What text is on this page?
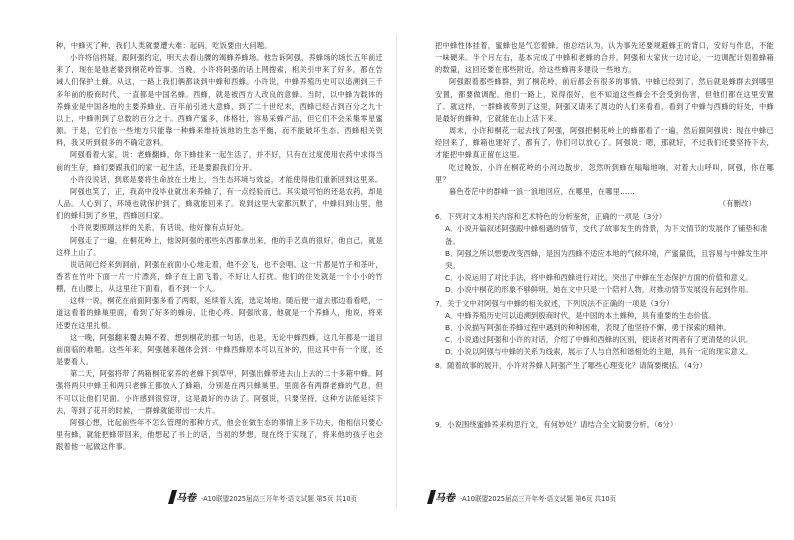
种，中蜂灭了种，我们人类就要遭大难：起码，吃饭要由大问题。

小许将信将疑，跟阿强约定，明天去看山腰的竭蜂养蜂场。他告诉阿强，养蜂场的场长五年前迁来了，现在是他老婆到桐花岭管事。当晚，小许将阿强的话上网搜索，相关引申来了好多，都在告诫人们保护土蜂。从这，一路上我们俩都谈到中蜂和西蜂。小许说，中蜂养殖历史可以追溯到三千多年前的殷商时代，一直都是中国名蜂。西蜂，就是被西方人改良的意蜂。当时，以中蜂为载体的养蜂业是中国各地的主要养蜂业。百年前引进大意蜂，到了二十世纪末，西蜂已经占到百分之九十以上，中蜂则到了总数的百分之十。西蜂产蜜多，体格壮，容易采蜂产品，但它们不会采集零星蜜源。于是，它们在一些地方只能靠一种蜂来维持该地的生态平衡，而不能破坏生态。西蜂相关资料，我又听到很多的不确定意料。

阿强看着大家，说：老蜂翻蜂，你下蜂挂来一起生活了，并不好，只有在过度使用农药中求得当前的生存，蜂们要跟我们的家一起生活，还是要跟我们分开。

小许没说话，到底是要将生命放在土地上，当生态环境与效益，才能使得他们重新回到这里来。

阿强也笑了，正，我高中没毕业就出来养蜂了，有一点经验而已。其实最可怕的还是农药，却是人品。人心到了，环境也就保护到了，蜂就能回来了。说到这里大家都沉默了，中蜂归到山里，他们的蜂归到了乡里，西蜂回归家。

小许说要照顾这样的关系，有话说，他好像有点好处。

阿强走了一遍，在桐花岭上，他说阿强的那些东西都拿出来，他的手艺真的很好，他自己，就是这样上山了。

说话间已经来到洞前，阿强在前面小心地走着，他不会飞，也不会唱。这一片都是竹子和茶叶，香茗在竹叶下面一片一片漂亮，蜂子在上面飞着，不好让人打扰。他们的住处就是一个小小的竹棚，在山腰上，从这里往下面看，看不到一个人。

这样一说，桐花在前面阿强多看了两眼，延续着人流，选定场地。随后便一道去那边看看吧，一道这看着的蜂巢里面，看到了好多的蜂房，让他心疼。阿强欣喜，他就是一个养蜂人，他说，将来还要在这里扎根。

这一晚，阿强翻来覆去睡不着，想到桐花的那一句话，也是，无论中蜂西蜂，这几年都是一道目前面临的难题。这些年来，阿强越来越体会到：中蜂西蜂原本可以互补的，但这其中有一个度，还是要看人。

第二天，阿强将带了两箱桐花家养的老蜂下到草甲，阿强出蜂带进去山上去的二十多箱中蜂。阿强将两只中蜂王和两只老蜂王都放入了蜂箱，分别是在两只蜂巢里，里面各有两群老蜂的气息，但不可以让他们见面。小许感到很惊讶，这是最好的办法了。阿强说，只要坚持，这种方法能延续下去，等到了花开的时候，一群蜂就能带出一大片。

阿强心想，比起前些年不怎么管理的那种方式，他会在做生态的事情上多下功夫，他相信只要心里有蜂，就能把蜂带回来，他想起了书上的话，当初的梦想，现在终于实现了，将来他的孩子也会跟着他一起做这件事。

马卷 ·A10联盟2025届高三开年考·语文试题 第5页 共10页

把中蜂性体挂着，蜜蜂也是气恋着蜂。他总结认为，认为事先还要规避蜂王的背口，安好与作息，不能一味硬来。半个月左右，基本完成了中蜂和老蜂的合并，阿强和大家伙一边讨论，一边调配计划着蜂箱的数量，这回还要在那些附近，给这些蜂再多建设一些地方。

阿强跟着那些蜂群，到了桐花岭，前后都会有很多的事情，中蜂已经到了，然后就是蜂群去到哪里安置，都要做调配。他们一路上，说得很好，也不知道这些蜂会不会受到伤害，但他们都在这里安置了。就这样，一群蜂被带到了这里，阿强又请来了周边的人们来看看，看到了中蜂与西蜂的好处，中蜂是最好的蜂种，它就能在山上活下来。

周末，小许和桐花一起去找了阿强，阿强把桐花岭上的蜂都看了一遍，然后跟阿强说：现在中蜂已经回来了，蜂箱也建好了，都有了，你们可以放心了。阿强说：嗯，那就好，不过我们还要坚持下去，才能把中蜂真正留在这里。

吃过晚饭，小许在桐花岭的小河边散步，忽然听到蜂在嗡嗡地响，对着大山呼叫，阿强，你在哪里？

暮色苍茫中的群峰一浪一浪地回应，在哪里，在哪里……

（有删改）

6．下列对文本相关内容和艺术特色的分析鉴赏，正确的一项是（3分）

A．小说开篇叙述阿强跟中蜂相遇的情节，交代了故事发生的背景，为下文情节的发展作了铺垫和准备。

B．阿强之所以想要改变西蜂，是因为西蜂不适应本地的气候环境，产蜜量低，且容易与中蜂发生冲突。

C．小说运用了对比手法，将中蜂和西蜂进行对比，突出了中蜂在生态保护方面的价值和意义。

D．小说中桐花的形象不够鲜明，她在文中只是一个陪衬人物，对推动情节发展没有起到作用。

7．关于文中对阿强与中蜂的相关叙述，下列说法不正确的一项是（3分）

A．中蜂养殖历史可以追溯到殷商时代，是中国的本土蜂种，具有重要的生态价值。

B．小说描写阿强在养蜂过程中遇到的种种困难，表现了他坚持不懈、勇于探索的精神。

C．小说通过阿强和小许的对话，介绍了中蜂和西蜂的区别，使读者对两者有了更清楚的认识。

D．小说以阿强与中蜂的关系为线索，展示了人与自然和谐相处的主题，具有一定的现实意义。

8．随着故事的展开，小许对养蜂人阿强产生了哪些心理变化？请简要概括。（4分）

9．小说围绕蜜蜂养来构思行文，有何妙处？请结合全文简要分析。（6分）

马卷 ·A10联盟2025届高三开年考·语文试题 第6页 共10页
